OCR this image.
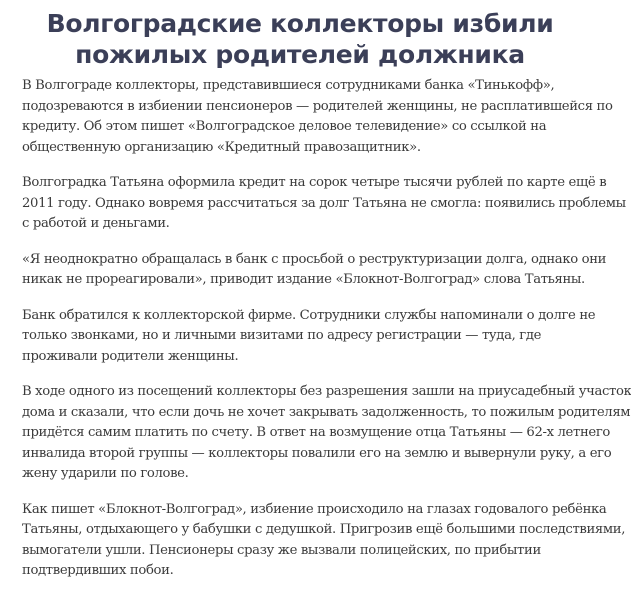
Волгоградские коллекторы избили
пожилых родителей должника

В Волгограде коллекторы, представившиеся сотрудниками банка «Тинькофф»,
подозреваются в избиении пенсионеров — родителей женщины, не расплатившейся по
кредиту. Об этом пишет «Волгоградское деловое телевидение» со ссылкой на
общественную организацию «Кредитный правозащитник».

Волгоградка Татьяна оформила кредит на сорок четыре тысячи рублей по карте ещё в
2011 году. Однако вовремя рассчитаться за долг Татьяна не смогла: появились проблемы
с работой и деньгами.

«Я неоднократно обращалась в банк с просьбой о реструктуризации долга, однако они
никак не прореагировали», приводит издание «Блокнот-Волгоград» слова Татьяны.

Банк обратился к коллекторской фирме. Сотрудники службы напоминали о долге не
только звонками, но и личными визитами по адресу регистрации — туда, где
проживали родители женщины.

В ходе одного из посещений коллекторы без разрешения зашли на приусадебный участок
дома и сказали, что если дочь не хочет закрывать задолженность, то пожилым родителям
придётся самим платить по счету. В ответ на возмущение отца Татьяны — 62-х летнего
инвалида второй группы — коллекторы повалили его на землю и вывернули руку, а его
жену ударили по голове.

Как пишет «Блокнот-Волгоград», избиение происходило на глазах годовалого ребёнка
Татьяны, отдыхающего у бабушки с дедушкой. Пригрозив ещё большими последствиями,
вымогатели ушли. Пенсионеры сразу же вызвали полицейских, по прибытии
подтвердивших побои.
